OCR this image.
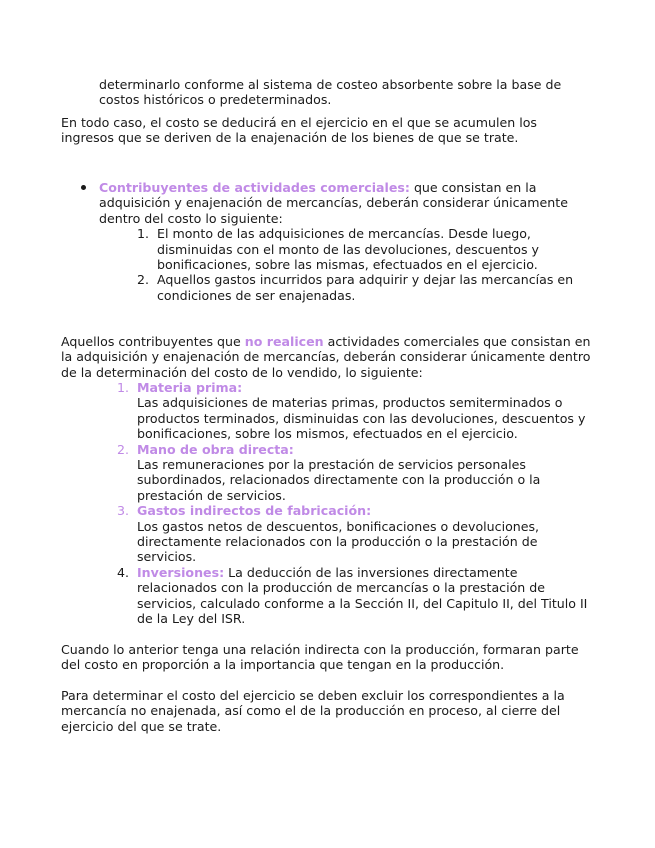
determinarlo conforme al sistema de costeo absorbente sobre la base de costos históricos o predeterminados.

En todo caso, el costo se deducirá en el ejercicio en el que se acumulen los ingresos que se deriven de la enajenación de los bienes de que se trate.

Contribuyentes de actividades comerciales: que consistan en la adquisición y enajenación de mercancías, deberán considerar únicamente dentro del costo lo siguiente:

1. El monto de las adquisiciones de mercancías. Desde luego, disminuidas con el monto de las devoluciones, descuentos y bonificaciones, sobre las mismas, efectuados en el ejercicio.
2. Aquellos gastos incurridos para adquirir y dejar las mercancías en condiciones de ser enajenadas.

Aquellos contribuyentes que no realicen actividades comerciales que consistan en la adquisición y enajenación de mercancías, deberán considerar únicamente dentro de la determinación del costo de lo vendido, lo siguiente:

1. Materia prima:
Las adquisiciones de materias primas, productos semiterminados o productos terminados, disminuidas con las devoluciones, descuentos y bonificaciones, sobre los mismos, efectuados en el ejercicio.
2. Mano de obra directa:
Las remuneraciones por la prestación de servicios personales subordinados, relacionados directamente con la producción o la prestación de servicios.
3. Gastos indirectos de fabricación:
Los gastos netos de descuentos, bonificaciones o devoluciones, directamente relacionados con la producción o la prestación de servicios.
4. Inversiones: La deducción de las inversiones directamente relacionados con la producción de mercancías o la prestación de servicios, calculado conforme a la Sección II, del Capitulo II, del Titulo II de la Ley del ISR.

Cuando lo anterior tenga una relación indirecta con la producción, formaran parte del costo en proporción a la importancia que tengan en la producción.

Para determinar el costo del ejercicio se deben excluir los correspondientes a la mercancía no enajenada, así como el de la producción en proceso, al cierre del ejercicio del que se trate.
